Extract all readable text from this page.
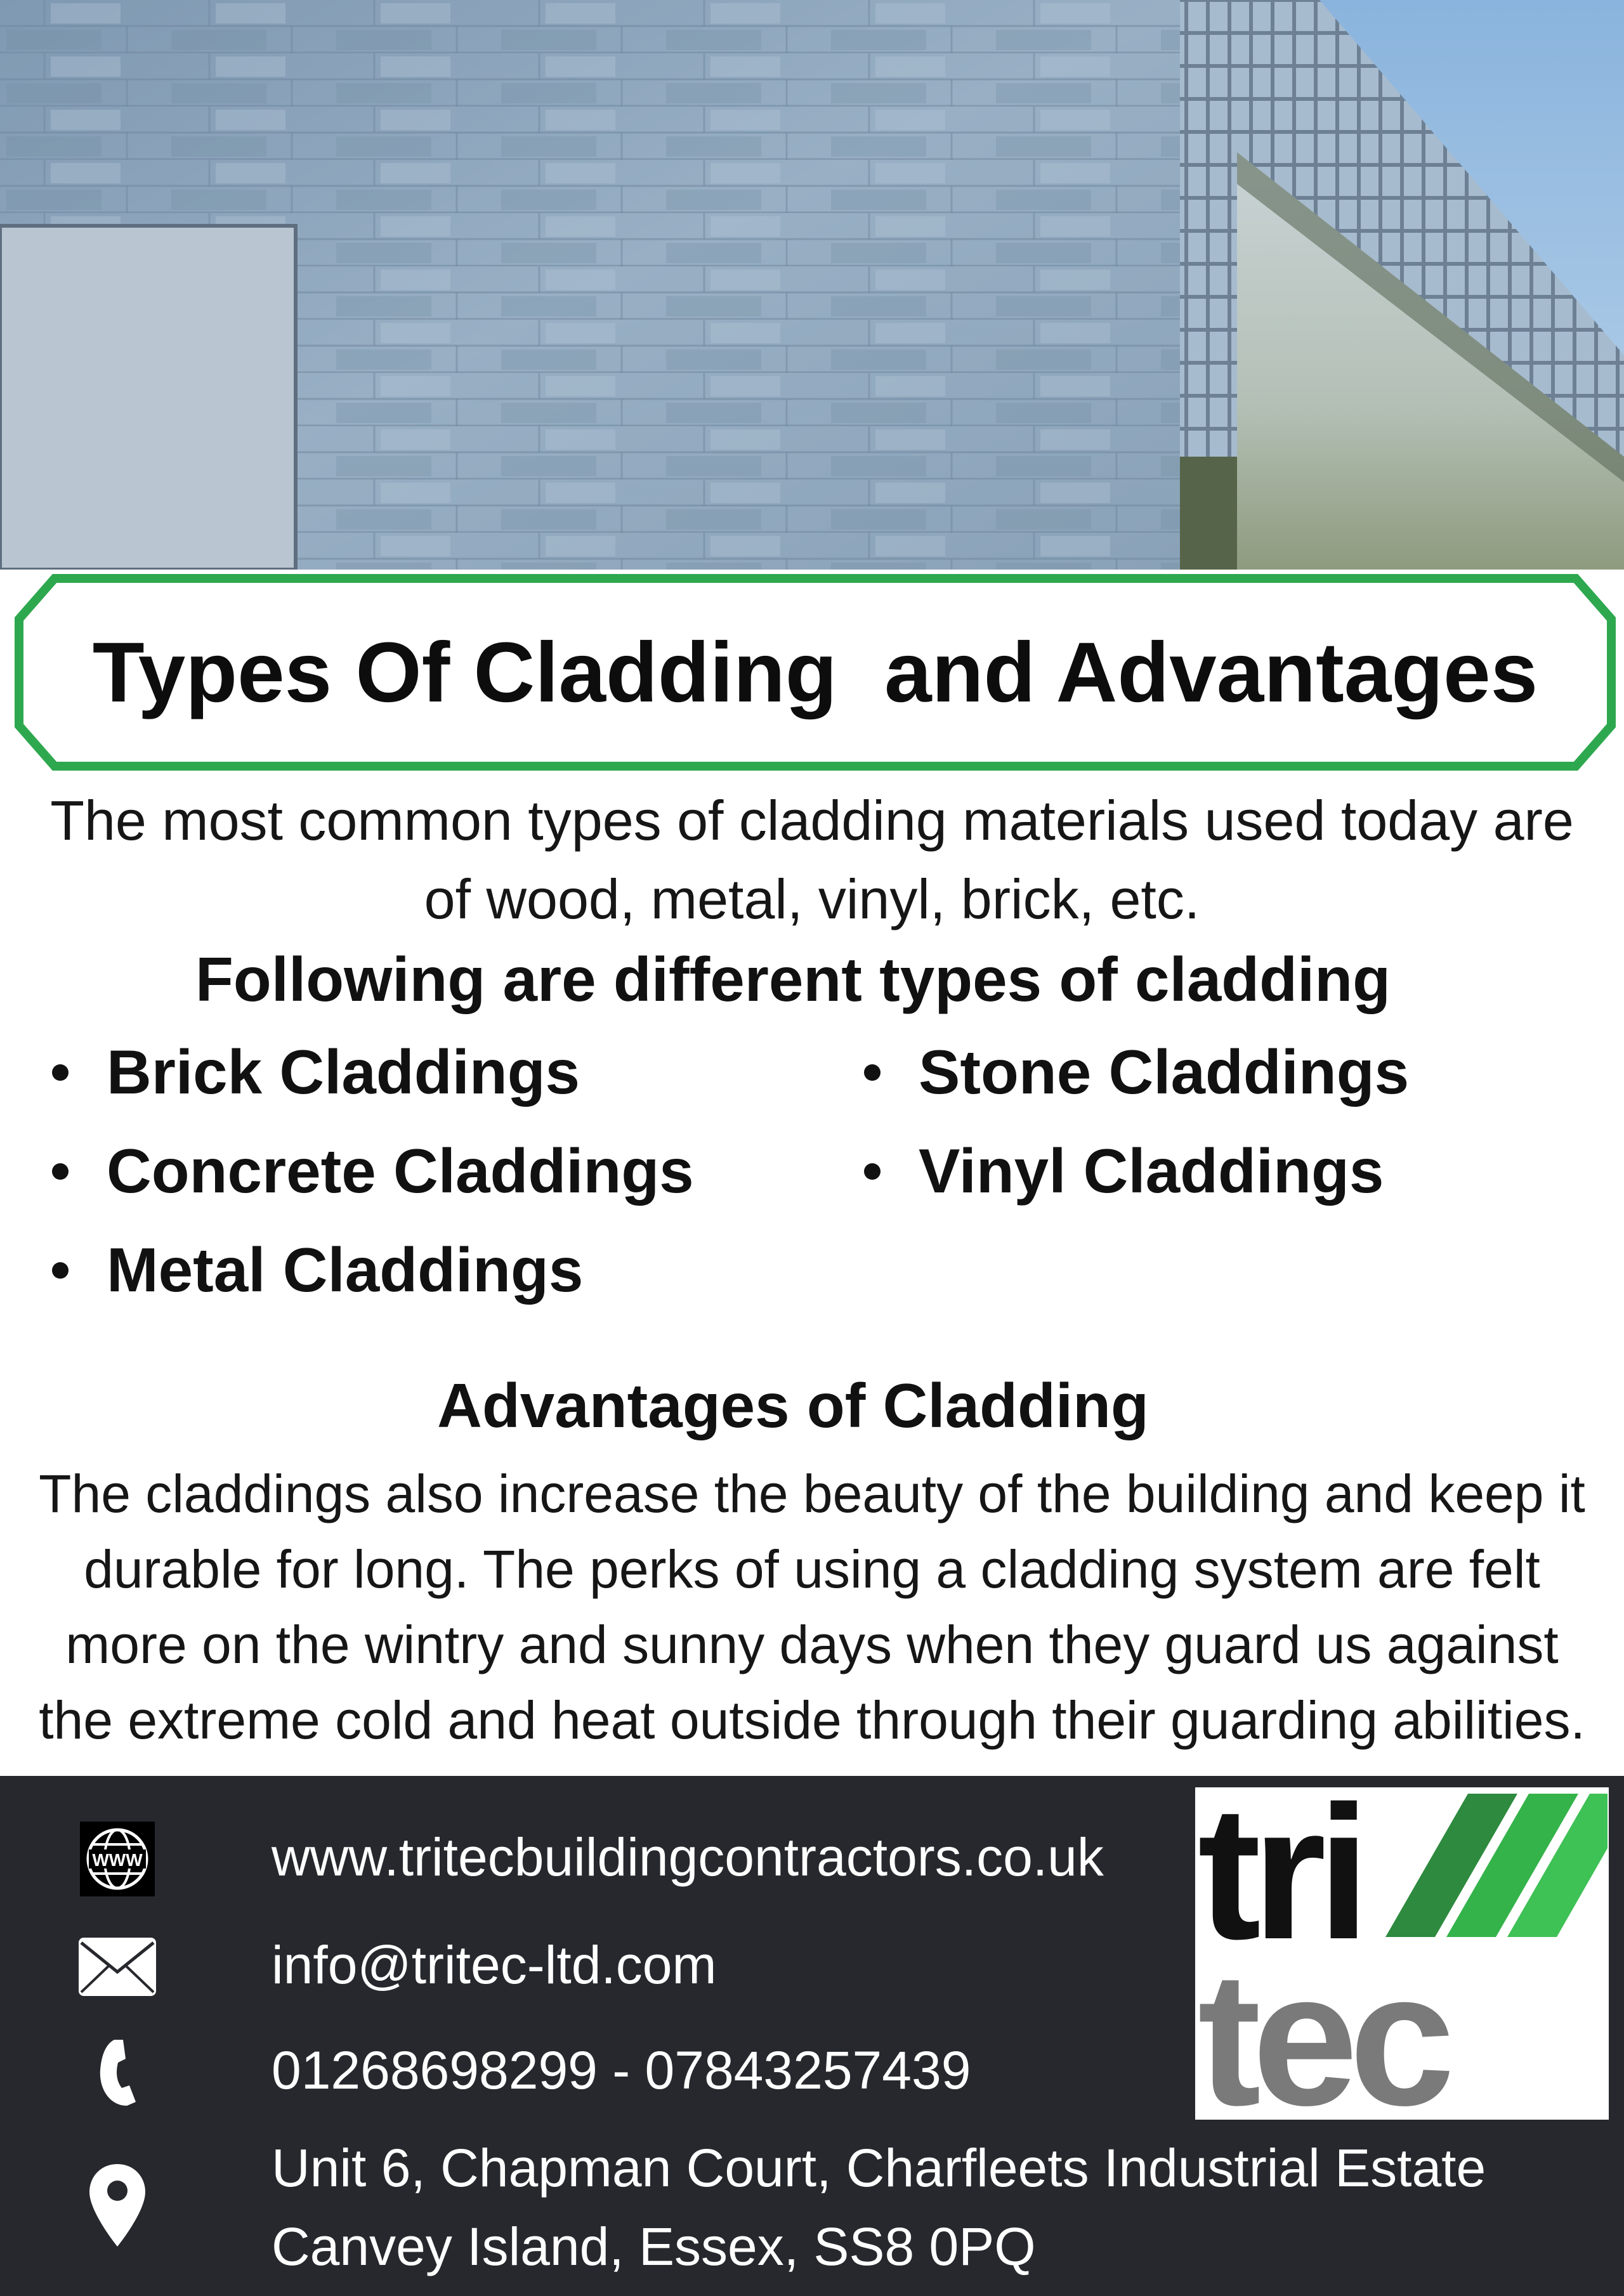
Types Of Cladding  and Advantages
The most common types of cladding materials used today are
of wood, metal, vinyl, brick, etc.
Following are different types of cladding
Brick Claddings
Concrete Claddings
Metal Claddings
Stone Claddings
Vinyl Claddings
Advantages of Cladding
The claddings also increase the beauty of the building and keep it
durable for long. The perks of using a cladding system are felt
more on the wintry and sunny days when they guard us against
the extreme cold and heat outside through their guarding abilities.
WWW www.tritecbuildingcontractors.co.uk
info@tritec-ltd.com
01268698299 - 07843257439
Unit 6, Chapman Court, Charfleets Industrial Estate
Canvey Island, Essex, SS8 0PQ
tri
tec
